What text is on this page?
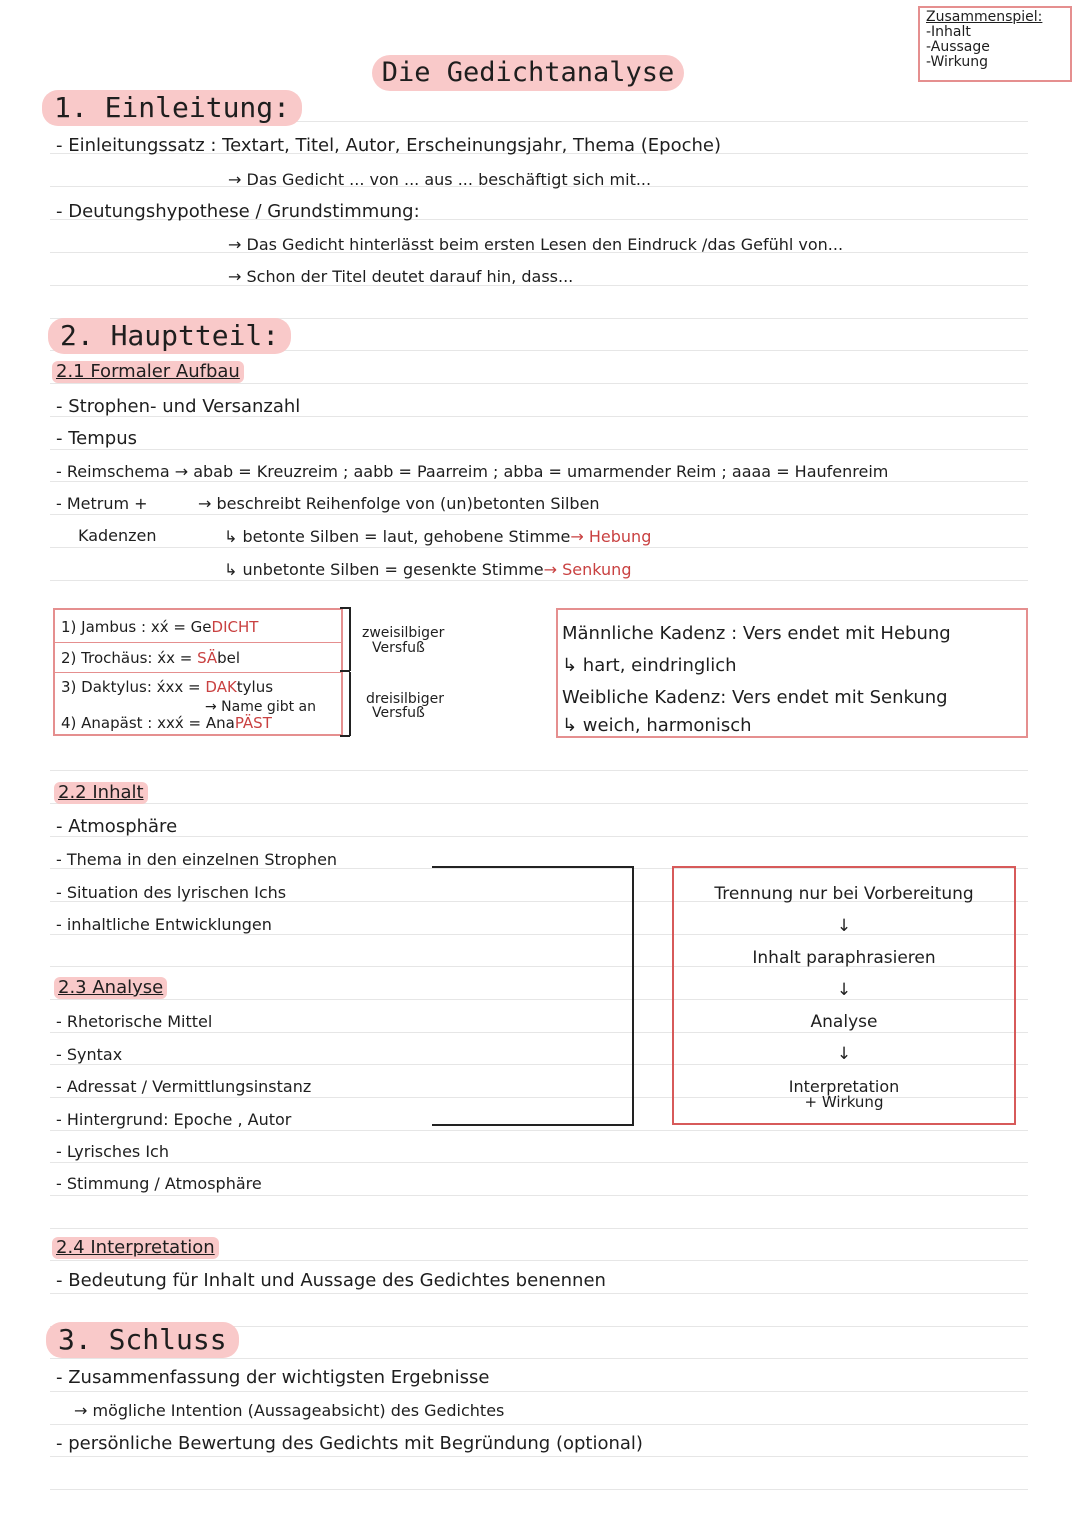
Zusammenspiel:
-Inhalt
-Aussage
-Wirkung
Die Gedichtanalyse
1. Einleitung:
- Einleitungssatz : Textart, Titel, Autor, Erscheinungsjahr, Thema (Epoche)
→ Das Gedicht ... von ... aus ... beschäftigt sich mit...
- Deutungshypothese / Grundstimmung:
→ Das Gedicht hinterlässt beim ersten Lesen den Eindruck /das Gefühl von...
→ Schon der Titel deutet darauf hin, dass...
2. Hauptteil:
2.1 Formaler Aufbau
- Strophen- und Versanzahl
- Tempus
- Reimschema → abab = Kreuzreim ; aabb = Paarreim ; abba = umarmender Reim ; aaaa = Haufenreim
- Metrum +
Kadenzen
→ beschreibt Reihenfolge von (un)betonten Silben
↳ betonte Silben = laut, gehobene Stimme→ Hebung
↳ unbetonte Silben = gesenkte Stimme→ Senkung
1) Jambus : xx́ = GeDICHT
2) Trochäus: x́x = SÄbel
3) Daktylus: x́xx = DAKtylus
→ Name gibt an
4) Anapäst : xxx́ = AnaPÄST
zweisilbiger
Versfuß
dreisilbiger
Versfuß
Männliche Kadenz : Vers endet mit Hebung
↳ hart, eindringlich
Weibliche Kadenz: Vers endet mit Senkung
↳ weich, harmonisch
2.2 Inhalt
- Atmosphäre
- Thema in den einzelnen Strophen
- Situation des lyrischen Ichs
- inhaltliche Entwicklungen
2.3 Analyse
- Rhetorische Mittel
- Syntax
- Adressat / Vermittlungsinstanz
- Hintergrund: Epoche , Autor
- Lyrisches Ich
- Stimmung / Atmosphäre
Trennung nur bei Vorbereitung
↓
Inhalt paraphrasieren
↓
Analyse
↓
Interpretation
+ Wirkung
2.4 Interpretation
- Bedeutung für Inhalt und Aussage des Gedichtes benennen
3. Schluss
- Zusammenfassung der wichtigsten Ergebnisse
→ mögliche Intention (Aussageabsicht) des Gedichtes
- persönliche Bewertung des Gedichts mit Begründung (optional)
